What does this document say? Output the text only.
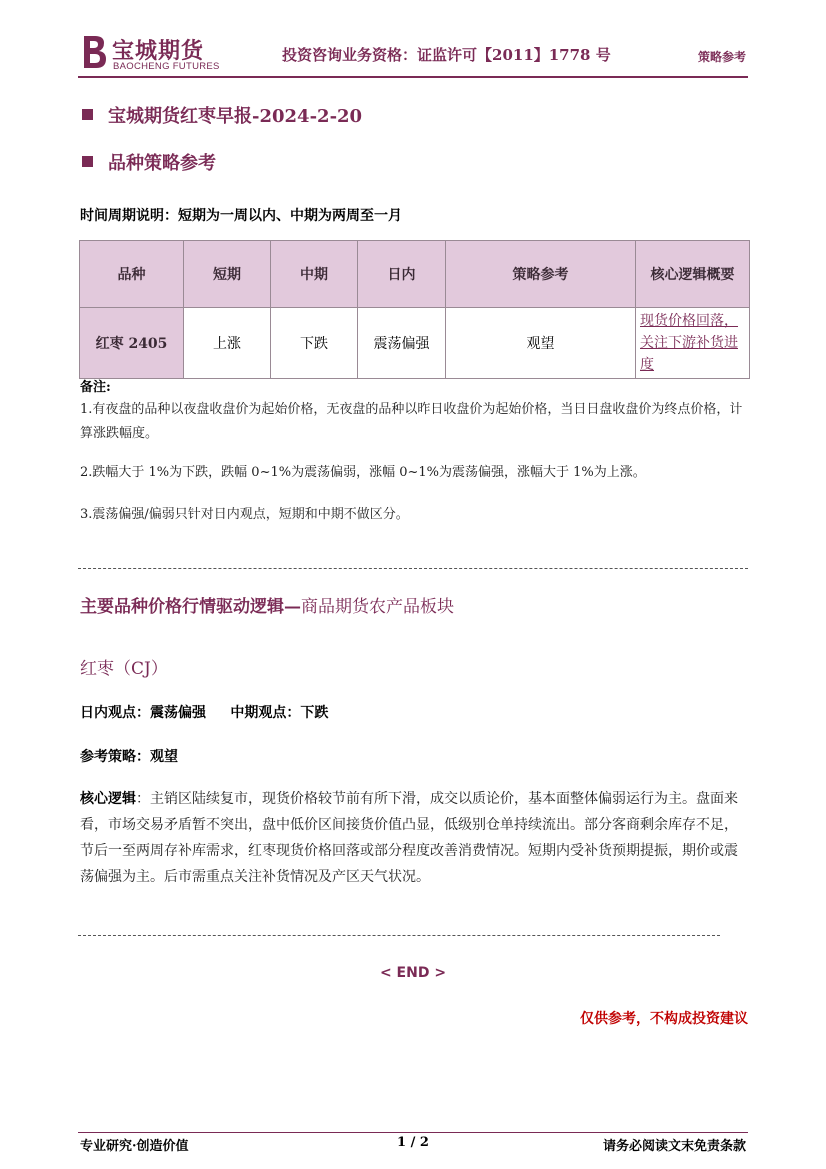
宝城期货
BAOCHENG FUTURES
投资咨询业务资格：证监许可【2011】1778 号	策略参考
宝城期货红枣早报-2024-2-20
品种策略参考
时间周期说明：短期为一周以内、中期为两周至一月
品种	短期	中期	日内	策略参考	核心逻辑概要
红枣 2405	上涨	下跌	震荡偏强	观望	现货价格回落，关注下游补货进度
备注:
1.有夜盘的品种以夜盘收盘价为起始价格，无夜盘的品种以昨日收盘价为起始价格，当日日盘收盘价为终点价格，计算涨跌幅度。
2.跌幅大于 1%为下跌，跌幅 0~1%为震荡偏弱，涨幅 0~1%为震荡偏强，涨幅大于 1%为上涨。
3.震荡偏强/偏弱只针对日内观点，短期和中期不做区分。
主要品种价格行情驱动逻辑—商品期货农产品板块
红枣（CJ）
日内观点：震荡偏强     中期观点：下跌
参考策略：观望
核心逻辑：主销区陆续复市，现货价格较节前有所下滑，成交以质论价，基本面整体偏弱运行为主。盘面来看，市场交易矛盾暂不突出，盘中低价区间接货价值凸显，低级别仓单持续流出。部分客商剩余库存不足，节后一至两周存补库需求，红枣现货价格回落或部分程度改善消费情况。短期内受补货预期提振，期价或震荡偏强为主。后市需重点关注补货情况及产区天气状况。
< END >
仅供参考，不构成投资建议
专业研究·创造价值	1 / 2	请务必阅读文末免责条款
